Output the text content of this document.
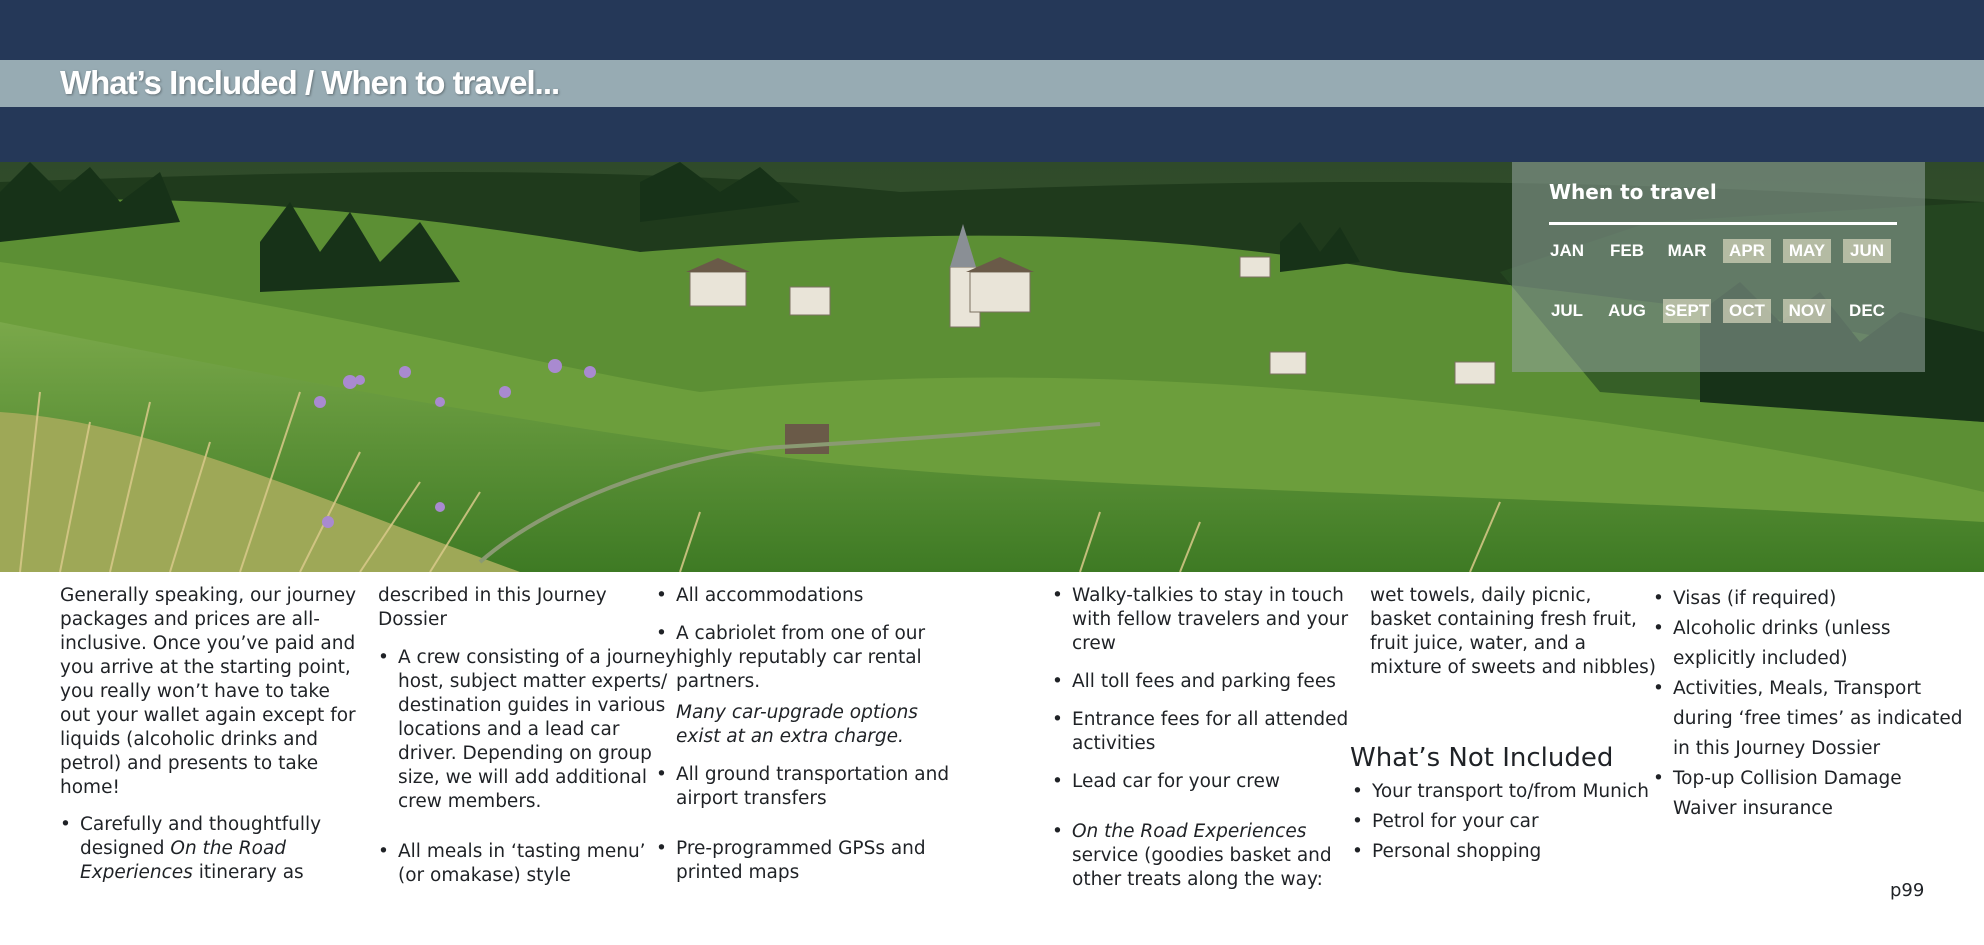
What’s Included / When to travel...
When to travel
JAN	FEB	MAR	APR	MAY	JUN
JUL	AUG	SEPT	OCT	NOV	DEC

Generally speaking, our journey

packages and prices are all-

inclusive. Once you’ve paid and

you arrive at the starting point,

you really won’t have to take

out your wallet again except for

liquids (alcoholic drinks and

petrol) and presents to take

home!

• Carefully and thoughtfully

designed On the Road

Experiences itinerary as

described in this Journey

Dossier

• A crew consisting of a journey

host, subject matter experts/

destination guides in various

locations and a lead car

driver. Depending on group

size, we will add additional

crew members.

• All meals in ‘tasting menu’

(or omakase) style

• All accommodations

• A cabriolet from one of our

highly reputably car rental

partners.

Many car-upgrade options

exist at an extra charge.

• All ground transportation and

airport transfers

• Pre-programmed GPSs and

printed maps

• Walky-talkies to stay in touch

with fellow travelers and your

crew

• All toll fees and parking fees

• Entrance fees for all attended

activities

• Lead car for your crew

• On the Road Experiences

service (goodies basket and

other treats along the way:

wet towels, daily picnic,

basket containing fresh fruit,

fruit juice, water, and a

mixture of sweets and nibbles)

What’s Not Included

• Your transport to/from Munich

• Petrol for your car

• Personal shopping

• Visas (if required)

• Alcoholic drinks (unless

explicitly included)

• Activities, Meals, Transport

during ‘free times’ as indicated

in this Journey Dossier

• Top-up Collision Damage

Waiver insurance

p99
